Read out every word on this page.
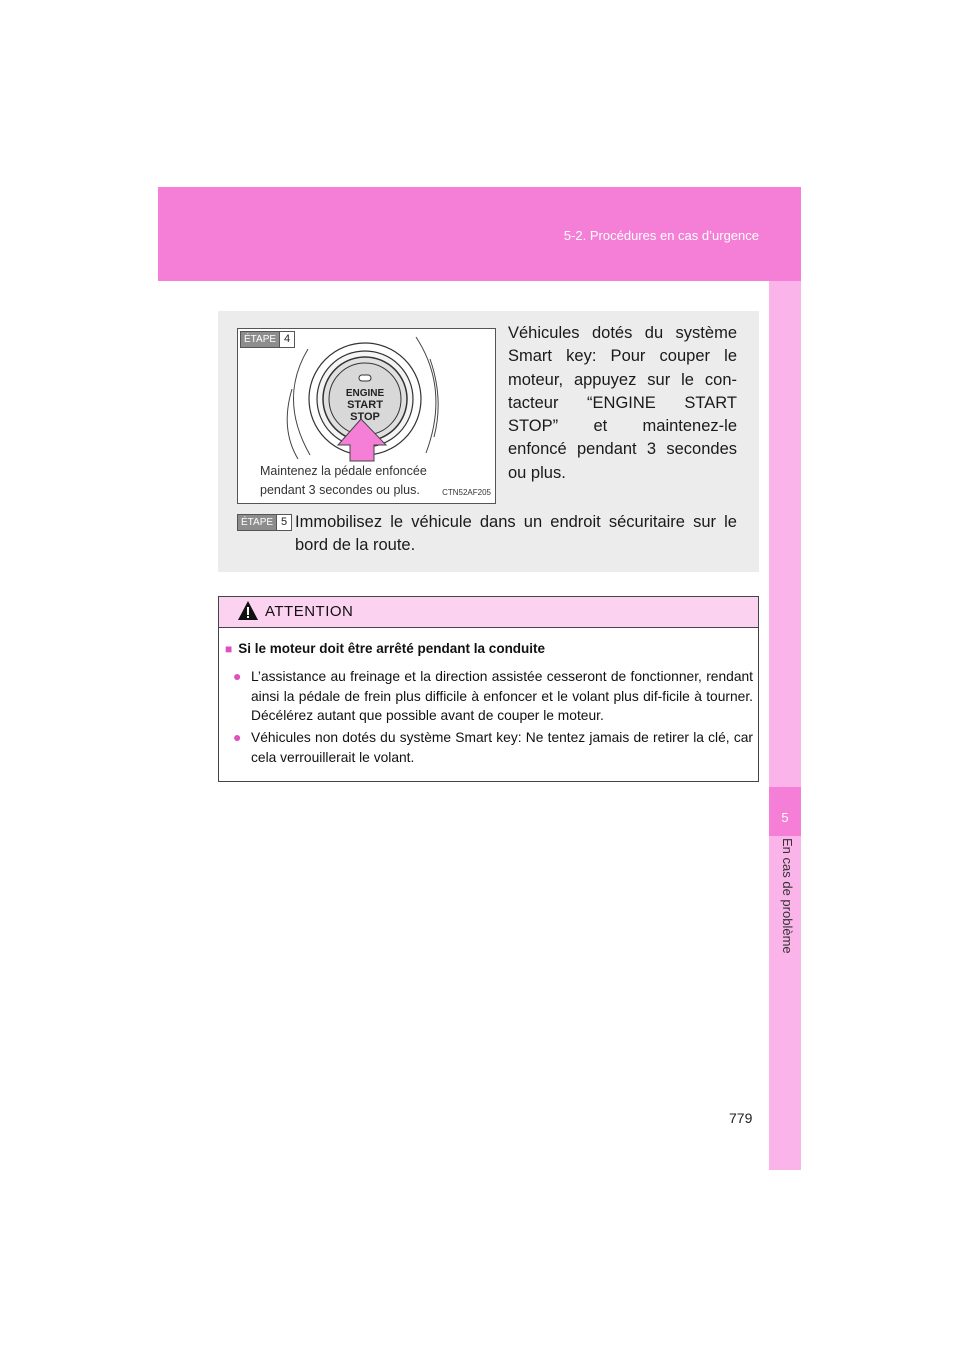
5-2. Procédures en cas d’urgence
5
En cas de problème
ÉTAPE 4
ENGINE
START
STOP
Maintenez la pédale enfoncée
pendant 3 secondes ou plus.	CTN52AF205
Véhicules dotés du système Smart key: Pour couper le moteur, appuyez sur le con-tacteur “ENGINE START STOP” et maintenez-le enfoncé pendant 3 secondes ou plus.
ÉTAPE 5 Immobilisez le véhicule dans un endroit sécuritaire sur le
bord de la route.
ATTENTION
■ Si le moteur doit être arrêté pendant la conduite
● L’assistance au freinage et la direction assistée cesseront de fonctionner, rendant ainsi la pédale de frein plus difficile à enfoncer et le volant plus dif-ficile à tourner. Décélérez autant que possible avant de couper le moteur.
● Véhicules non dotés du système Smart key: Ne tentez jamais de retirer la clé, car cela verrouillerait le volant.
779
